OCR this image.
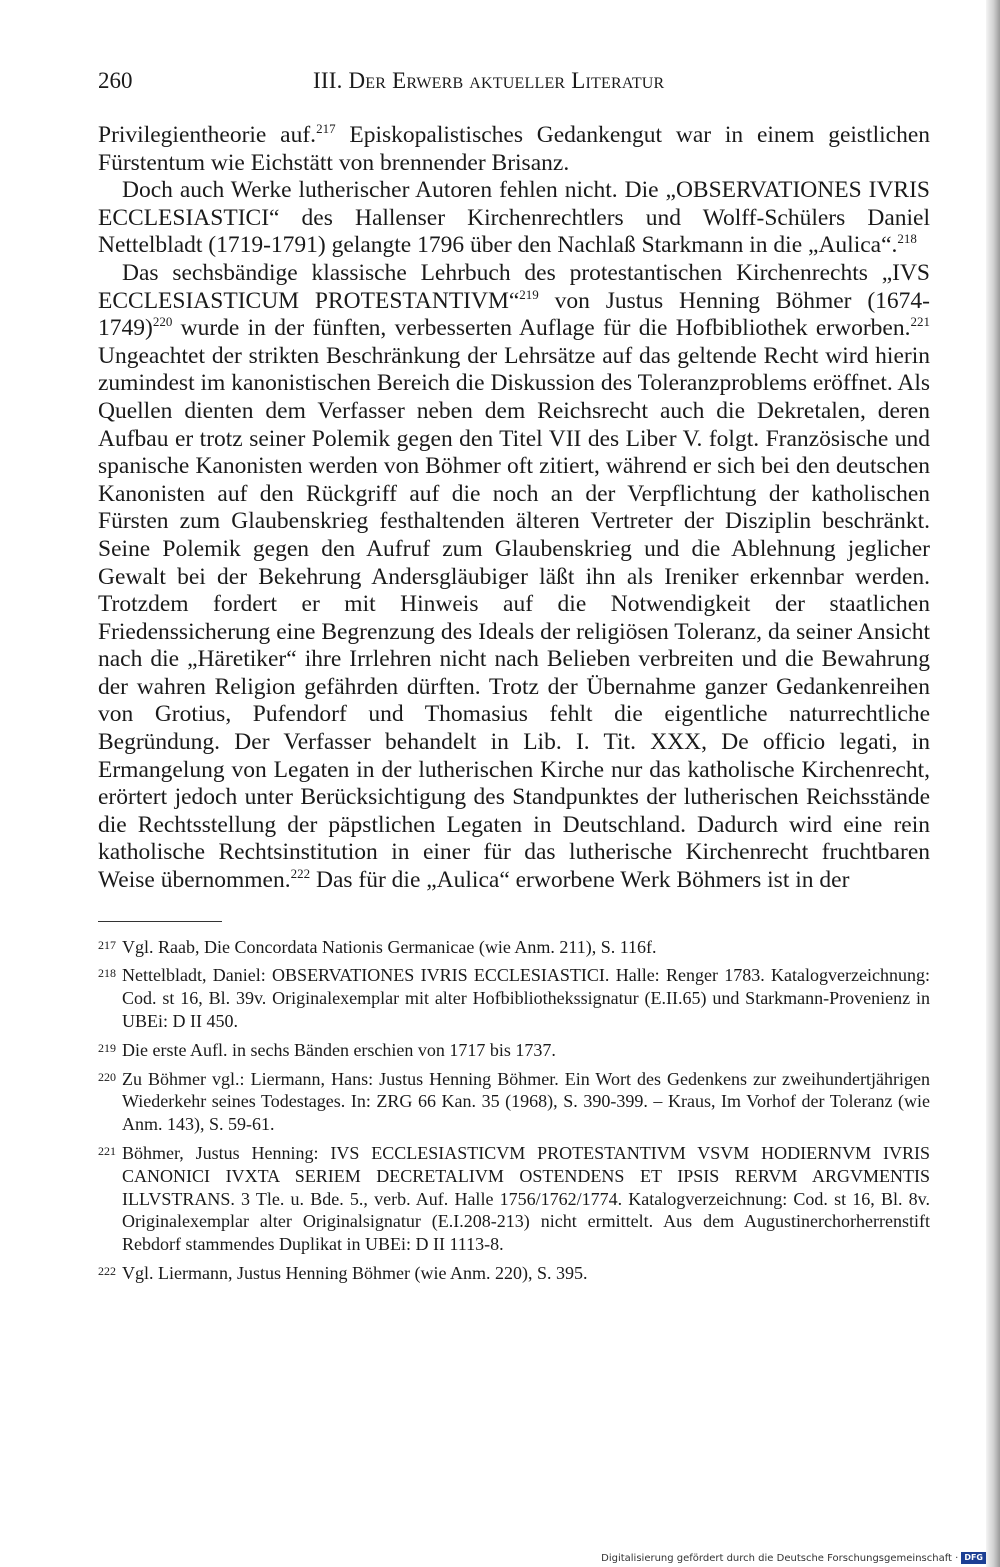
260	III. Der Erwerb aktueller Literatur

Privilegientheorie auf.$^{217}$ Episkopalistisches Gedankengut war in einem geistlichen Fürstentum wie Eichstätt von brennender Brisanz.

Doch auch Werke lutherischer Autoren fehlen nicht. Die „OBSERVATIONES IVRIS ECCLESIASTICI“ des Hallenser Kirchenrechtlers und Wolff-Schülers Daniel Nettelbladt (1719-1791) gelangte 1796 über den Nachlaß Starkmann in die „Aulica“.$^{218}$

Das sechsbändige klassische Lehrbuch des protestantischen Kirchenrechts „IVS ECCLESIASTICUM PROTESTANTIVM“$^{219}$ von Justus Henning Böhmer (1674-1749)$^{220}$ wurde in der fünften, verbesserten Auflage für die Hofbibliothek erworben.$^{221}$ Ungeachtet der strikten Beschränkung der Lehrsätze auf das geltende Recht wird hierin zumindest im kanonistischen Bereich die Diskussion des Toleranzproblems eröffnet. Als Quellen dienten dem Verfasser neben dem Reichsrecht auch die Dekretalen, deren Aufbau er trotz seiner Polemik gegen den Titel VII des Liber V. folgt. Französische und spanische Kanonisten werden von Böhmer oft zitiert, während er sich bei den deutschen Kanonisten auf den Rückgriff auf die noch an der Verpflichtung der katholischen Fürsten zum Glaubenskrieg festhaltenden älteren Vertreter der Disziplin beschränkt. Seine Polemik gegen den Aufruf zum Glaubenskrieg und die Ablehnung jeglicher Gewalt bei der Bekehrung Andersgläubiger läßt ihn als Ireniker erkennbar werden. Trotzdem fordert er mit Hinweis auf die Notwendigkeit der staatlichen Friedenssicherung eine Begrenzung des Ideals der religiösen Toleranz, da seiner Ansicht nach die „Häretiker“ ihre Irrlehren nicht nach Belieben verbreiten und die Bewahrung der wahren Religion gefährden dürften. Trotz der Übernahme ganzer Gedankenreihen von Grotius, Pufendorf und Thomasius fehlt die eigentliche naturrechtliche Begründung. Der Verfasser behandelt in Lib. I. Tit. XXX, De officio legati, in Ermangelung von Legaten in der lutherischen Kirche nur das katholische Kirchenrecht, erörtert jedoch unter Berücksichtigung des Standpunktes der lutherischen Reichsstände die Rechtsstellung der päpstlichen Legaten in Deutschland. Dadurch wird eine rein katholische Rechtsinstitution in einer für das lutherische Kirchenrecht fruchtbaren Weise übernommen.$^{222}$ Das für die „Aulica“ erworbene Werk Böhmers ist in der

217 Vgl. Raab, Die Concordata Nationis Germanicae (wie Anm. 211), S. 116f.
218 Nettelbladt, Daniel: OBSERVATIONES IVRIS ECCLESIASTICI. Halle: Renger 1783. Katalogverzeichnung: Cod. st 16, Bl. 39v. Originalexemplar mit alter Hofbibliothekssignatur (E.II.65) und Starkmann-Provenienz in UBEi: D II 450.
219 Die erste Aufl. in sechs Bänden erschien von 1717 bis 1737.
220 Zu Böhmer vgl.: Liermann, Hans: Justus Henning Böhmer. Ein Wort des Gedenkens zur zweihundertjährigen Wiederkehr seines Todestages. In: ZRG 66 Kan. 35 (1968), S. 390-399. – Kraus, Im Vorhof der Toleranz (wie Anm. 143), S. 59-61.
221 Böhmer, Justus Henning: IVS ECCLESIASTICVM PROTESTANTIVM VSVM HODIERNVM IVRIS CANONICI IVXTA SERIEM DECRETALIVM OSTENDENS ET IPSIS RERVM ARGVMENTIS ILLVSTRANS. 3 Tle. u. Bde. 5., verb. Auf. Halle 1756/1762/1774. Katalogverzeichnung: Cod. st 16, Bl. 8v. Originalexemplar alter Originalsignatur (E.I.208-213) nicht ermittelt. Aus dem Augustinerchorherrenstift Rebdorf stammendes Duplikat in UBEi: D II 1113-8.
222 Vgl. Liermann, Justus Henning Böhmer (wie Anm. 220), S. 395.
Digitalisierung gefördert durch die Deutsche Forschungsgemeinschaft · DFG
